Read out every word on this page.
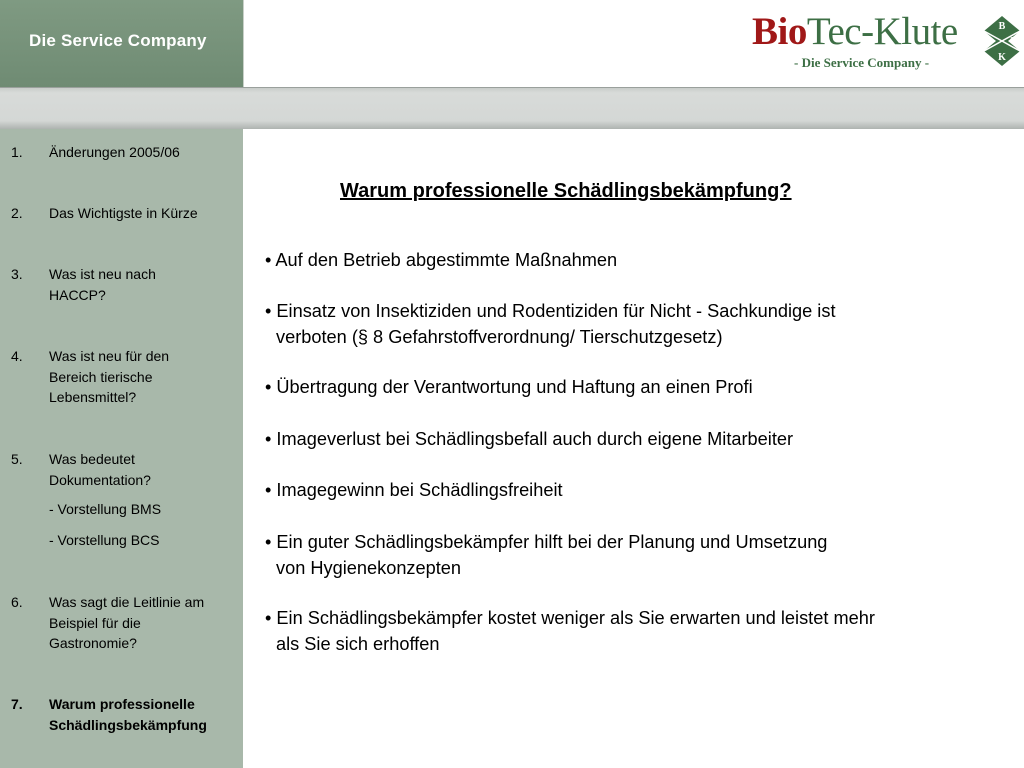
Die Service Company	BioTec-Klute
- Die Service Company -
B
T
K
1. Änderungen 2005/06
2. Das Wichtigste in Kürze
3. Was ist neu nach
HACCP?
4. Was ist neu für den
Bereich tierische
Lebensmittel?
5. Was bedeutet
Dokumentation?
- Vorstellung BMS
- Vorstellung BCS
6. Was sagt die Leitlinie am
Beispiel für die
Gastronomie?
7. Warum professionelle
Schädlingsbekämpfung
Warum professionelle Schädlingsbekämpfung?
• Auf den Betrieb abgestimmte Maßnahmen
• Einsatz von Insektiziden und Rodentiziden für Nicht - Sachkundige ist
verboten (§ 8 Gefahrstoffverordnung/ Tierschutzgesetz)
• Übertragung der Verantwortung und Haftung an einen Profi
• Imageverlust bei Schädlingsbefall auch durch eigene Mitarbeiter
• Imagegewinn bei Schädlingsfreiheit
• Ein guter Schädlingsbekämpfer hilft bei der Planung und Umsetzung
von Hygienekonzepten
• Ein Schädlingsbekämpfer kostet weniger als Sie erwarten und leistet mehr
als Sie sich erhoffen
